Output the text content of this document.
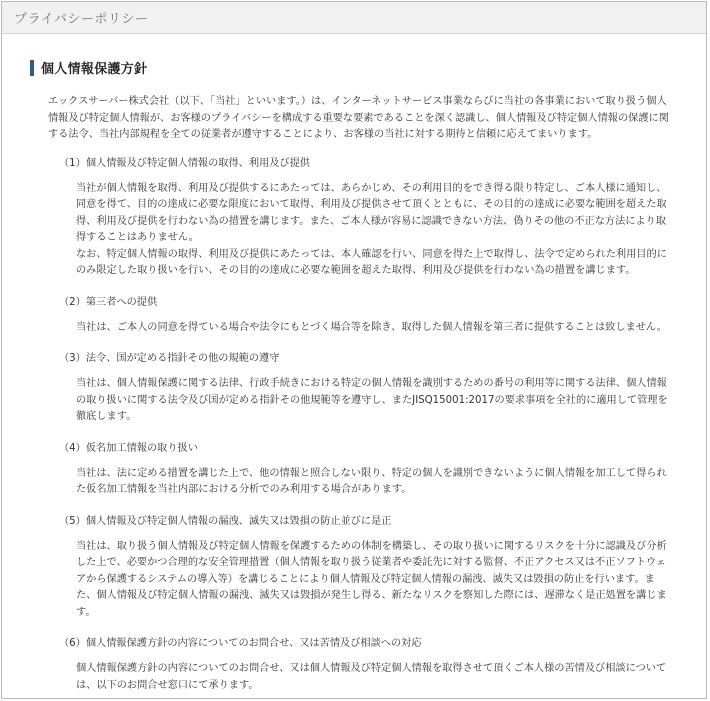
プライバシーポリシー
個人情報保護方針
エックスサーバー株式会社（以下、「当社」といいます。）は、インターネットサービス事業ならびに当社の各事業において取り扱う個人情報及び特定個人情報が、お客様のプライバシーを構成する重要な要素であることを深く認識し、個人情報及び特定個人情報の保護に関する法令、当社内部規程を全ての従業者が遵守することにより、お客様の当社に対する期待と信頼に応えてまいります。
（1）個人情報及び特定個人情報の取得、利用及び提供

当社が個人情報を取得、利用及び提供するにあたっては、あらかじめ、その利用目的をでき得る限り特定し、ご本人様に通知し、同意を得て、目的の達成に必要な限度において取得、利用及び提供させて頂くとともに、その目的の達成に必要な範囲を超えた取得、利用及び提供を行わない為の措置を講じます。また、ご本人様が容易に認識できない方法、偽りその他の不正な方法により取得することはありません。

なお、特定個人情報の取得、利用及び提供にあたっては、本人確認を行い、同意を得た上で取得し、法令で定められた利用目的にのみ限定した取り扱いを行い、その目的の達成に必要な範囲を超えた取得、利用及び提供を行わない為の措置を講じます。

（2）第三者への提供

当社は、ご本人の同意を得ている場合や法令にもとづく場合等を除き、取得した個人情報を第三者に提供することは致しません。

（3）法令、国が定める指針その他の規範の遵守

当社は、個人情報保護に関する法律、行政手続きにおける特定の個人情報を識別するための番号の利用等に関する法律、個人情報の取り扱いに関する法令及び国が定める指針その他規範等を遵守し、またJISQ15001:2017の要求事項を全社的に適用して管理を徹底します。

（4）仮名加工情報の取り扱い

当社は、法に定める措置を講じた上で、他の情報と照合しない限り、特定の個人を識別できないように個人情報を加工して得られた仮名加工情報を当社内部における分析でのみ利用する場合があります。

（5）個人情報及び特定個人情報の漏洩、滅失又は毀損の防止並びに是正

当社は、取り扱う個人情報及び特定個人情報を保護するための体制を構築し、その取り扱いに関するリスクを十分に認識及び分析した上で、必要かつ合理的な安全管理措置（個人情報を取り扱う従業者や委託先に対する監督、不正アクセス又は不正ソフトウェアから保護するシステムの導入等）を講じることにより個人情報及び特定個人情報の漏洩、滅失又は毀損の防止を行います。また、個人情報及び特定個人情報の漏洩、滅失又は毀損が発生し得る、新たなリスクを察知した際には、遅滞なく是正処置を講じます。

（6）個人情報保護方針の内容についてのお問合せ、又は苦情及び相談への対応

個人情報保護方針の内容についてのお問合せ、又は個人情報及び特定個人情報を取得させて頂くご本人様の苦情及び相談については、以下のお問合せ窓口にて承ります。
